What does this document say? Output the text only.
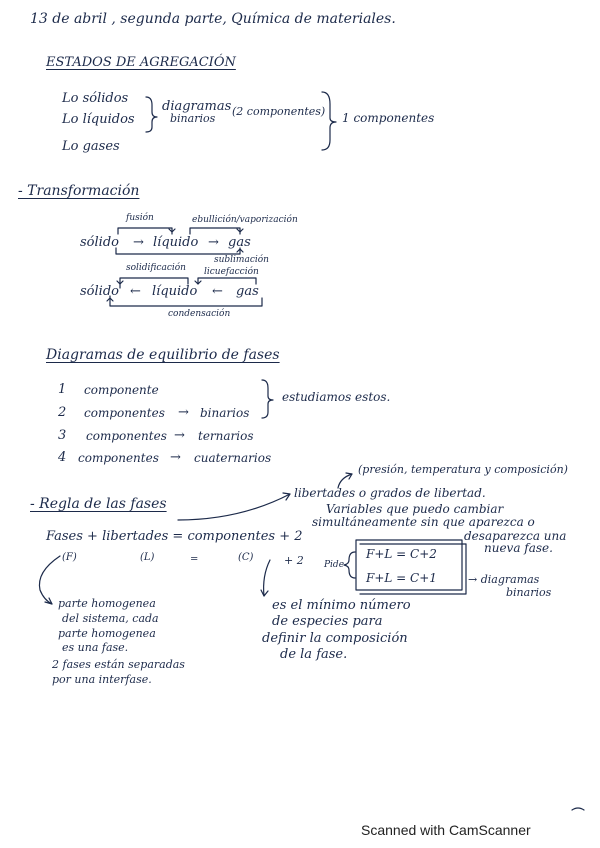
13 de abril , segunda parte, Química de materiales.
ESTADOS DE AGREGACIÓN
Lo sólidos
Lo líquidos
Lo gases
diagramas
binarios
(2 componentes) 1 componentes
- Transformación
fusión	ebullición/vaporización
sólido → líquido → gas
sublimación
solidificación licuefacción
sólido ← líquido ← gas
condensación
Diagramas de equilibrio de fases
1 componente
2 componentes → binarios
3 componentes → ternarios
4 componentes → cuaternarios
estudiamos estos.
- Regla de las fases
(presión, temperatura y composición)
libertades o grados de libertad.
Variables que puedo cambiar
simultáneamente sin que aparezca o
desaparezca una
nueva fase.
Fases + libertades = componentes + 2
(F)	(L)	=	(C)	+ 2 Pide
F+L = C+2
F+L = C+1	→ diagramas
binarios
parte homogenea
del sistema, cada
parte homogenea
es una fase.
2 fases están separadas
por una interfase.
es el mínimo número
de especies para
definir la composición
de la fase.
Scanned with CamScanner
